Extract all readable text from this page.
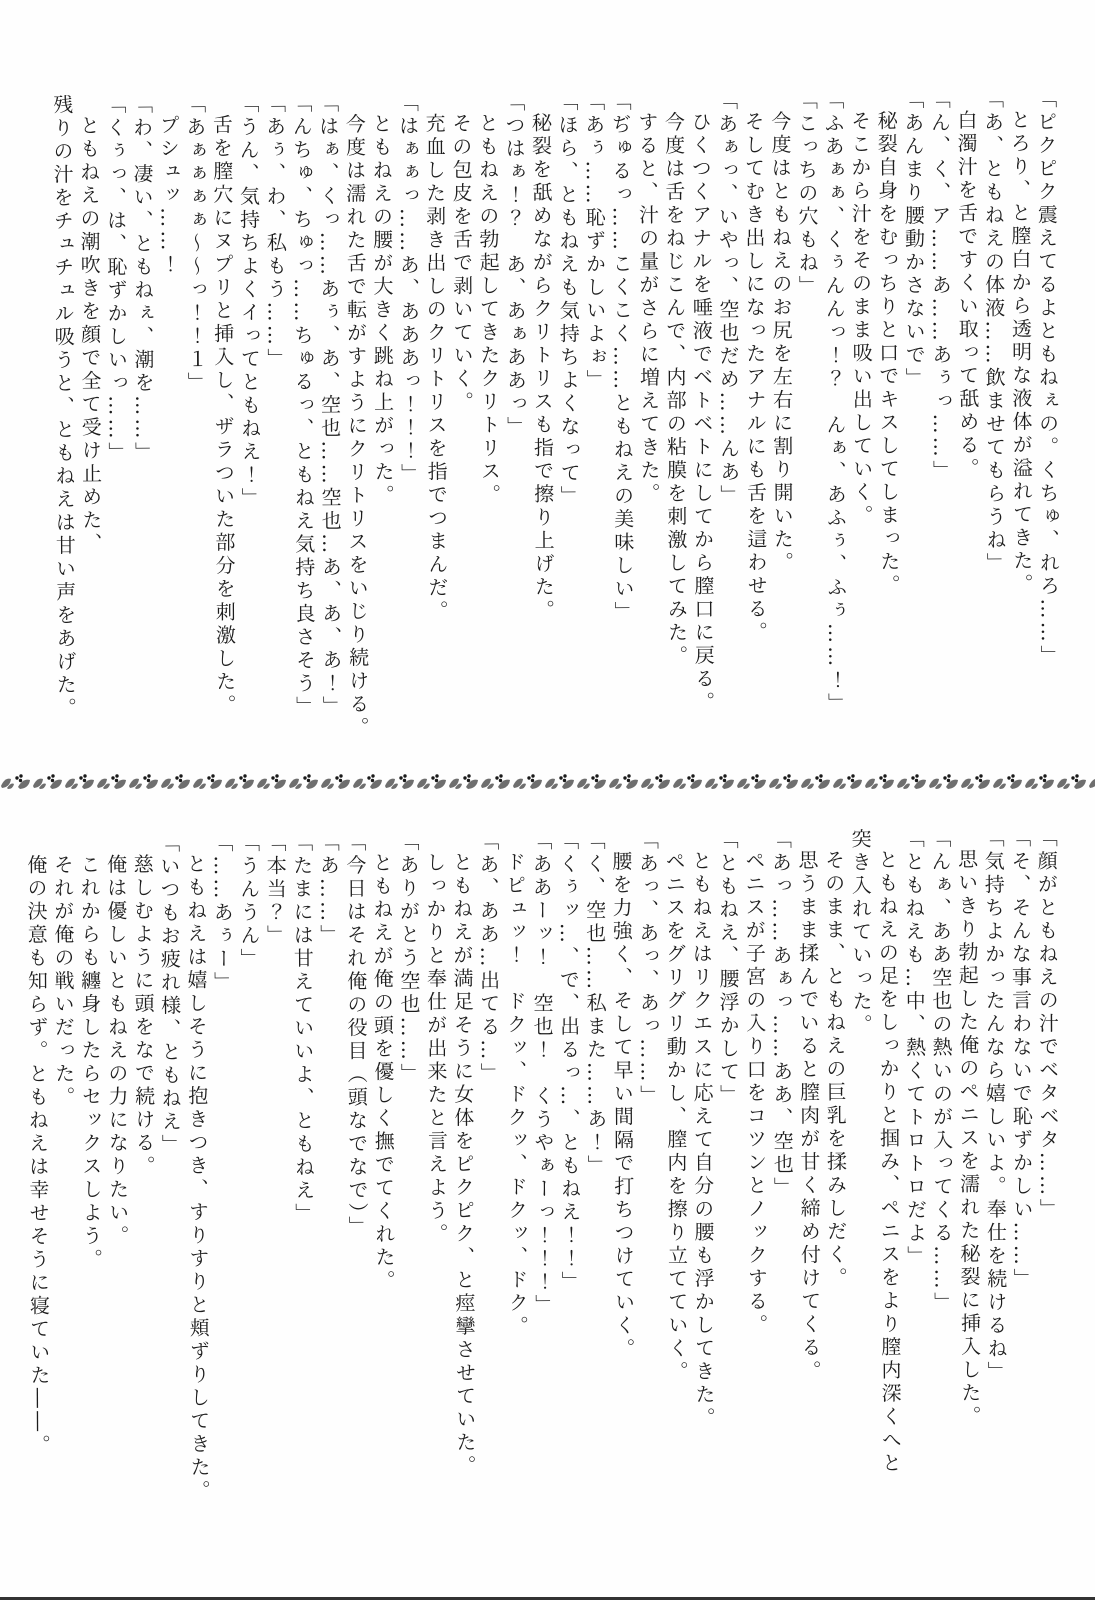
「ピクピク震えてるよともねぇの。くちゅ、れろ……」
とろり、と膣白から透明な液体が溢れてきた。
「あ、ともねえの体液……飲ませてもらうね」
白濁汁を舌ですくい取って舐める。
「ん、く、ア……あ……あぅっ……」
「あんまり腰動かさないで」
秘裂自身をむっちりと口でキスしてしまった。
そこから汁をそのまま吸い出していく。
「ふあぁぁ、くぅんんっ！？　んぁ、あふぅ、ふぅ……！」
「こっちの穴もね」
今度はともねえのお尻を左右に割り開いた。
そしてむき出しになったアナルにも舌を這わせる。
「あぁっ、いやっ、空也だめ……んあ」
ひくつくアナルを唾液でベトベトにしてから膣口に戻る。
今度は舌をねじこんで、内部の粘膜を刺激してみた。
すると、汁の量がさらに増えてきた。
「ぢゅるっ……こくこく……ともねえの美味しい」
「あぅ……恥ずかしいよぉ」
「ほら、ともねえも気持ちよくなって」
秘裂を舐めながらクリトリスも指で擦り上げた。
「つはぁ！？　あ、あぁああっ」
ともねえの勃起してきたクリトリス。
その包皮を舌で剥いていく。
充血した剥き出しのクリトリスを指でつまんだ。
「はぁぁっ……あ、あああっ！！！」
ともねえの腰が大きく跳ね上がった。
今度は濡れた舌で転がすようにクリトリスをいじり続ける。
「はぁ、くっ……あぅ、あ、空也……空也…あ、あ、あ！」
「んちゅ、ちゅっ……ちゅるっ、ともねえ気持ち良さそう」
「あぅ、わ、私もう……」
「うん、気持ちよくイってともねえ！」
舌を膣穴にヌプリと挿入し、ザラついた部分を刺激した。
「あぁぁぁぁ～～っ！！１」
プシュッ……！
「わ、凄い、ともねぇ、潮を……」
「くぅっ、は、恥ずかしいっ……」
ともねえの潮吹きを顔で全て受け止めた、
残りの汁をチュチュル吸うと、ともねえは甘い声をあげた。
「顔がともねえの汁でベタベタ……」
「そ、そんな事言わないで恥ずかしい……」
「気持ちよかったんなら嬉しいよ。奉仕を続けるね」
思いきり勃起した俺のペニスを濡れた秘裂に挿入した。
「んぁ、ああ空也の熱いのが入ってくる……」
「ともねえも…中、熱くてトロトロだよ」
ともねえの足をしっかりと掴み、ペニスをより膣内深くへと
突き入れていった。
そのまま、ともねえの巨乳を揉みしだく。
思うまま揉んでいると膣肉が甘く締め付けてくる。
「あっ……あぁっ……ああ、空也」
ペニスが子宮の入り口をコツンとノックする。
「ともねえ、腰浮かして」
ともねえはリクエスに応えて自分の腰も浮かしてきた。
ペニスをグリグリ動かし、膣内を擦り立てていく。
「あっ、あっ、あっ……」
腰を力強く、そして早い間隔で打ちつけていく。
「く、空也……私また……あ！」
「くぅッ…、で、出るっ…、ともねえ！！」
「ああーッ！　空也！　くうやぁーっ！！！」
ドピュッ！　ドクッ、ドクッ、ドクッ、ドク。
「あ、ああ…出てる…」
ともねえが満足そうに女体をピクピク、と痙攣させていた。
しっかりと奉仕が出来たと言えよう。
「ありがとう空也……」
ともねえが俺の頭を優しく撫でてくれた。
「今日はそれ俺の役目（頭なでなで）」
「あ……」
「たまには甘えていいよ、ともねえ」
「本当？」
「うんうん」
「……あぅー」
ともねえは嬉しそうに抱きつき、すりすりと頬ずりしてきた。
「いつもお疲れ様、ともねえ」
慈しむように頭をなで続ける。
俺は優しいともねえの力になりたい。
これからも纏身したらセックスしよう。
それが俺の戦いだった。
俺の決意も知らず。ともねえは幸せそうに寝ていた――。
